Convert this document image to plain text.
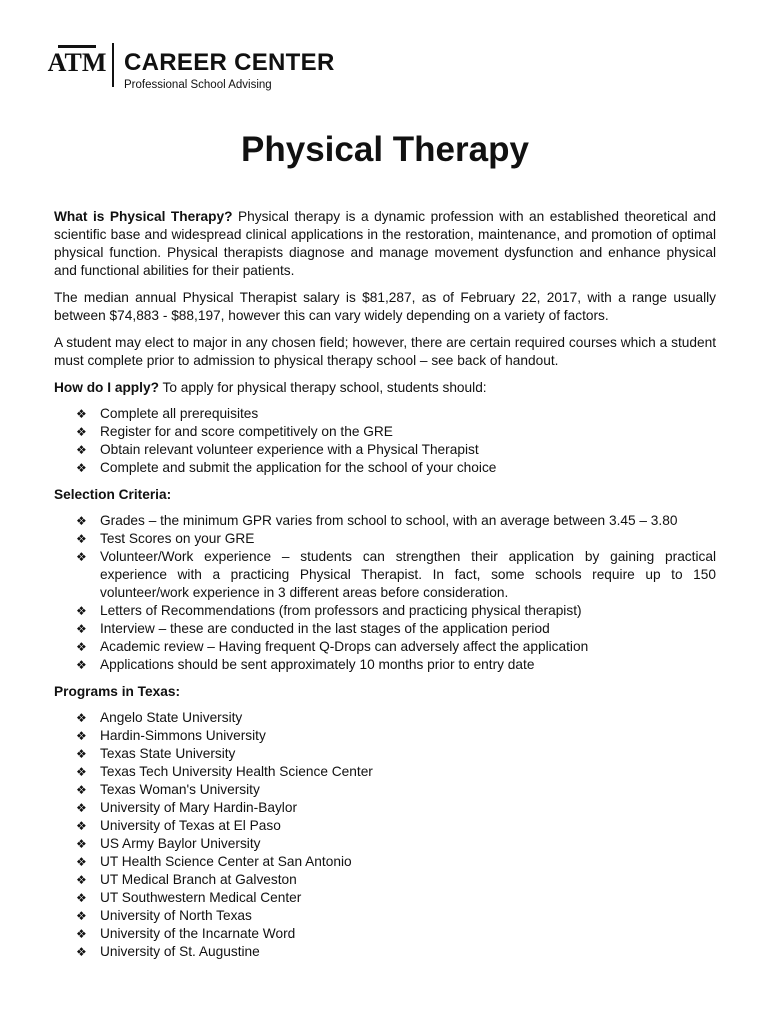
ATM CAREER CENTER
Professional School Advising
Physical Therapy

What is Physical Therapy? Physical therapy is a dynamic profession with an established theoretical and scientific base and widespread clinical applications in the restoration, maintenance, and promotion of optimal physical function. Physical therapists diagnose and manage movement dysfunction and enhance physical and functional abilities for their patients.

The median annual Physical Therapist salary is $81,287, as of February 22, 2017, with a range usually between $74,883 - $88,197, however this can vary widely depending on a variety of factors.

A student may elect to major in any chosen field; however, there are certain required courses which a student must complete prior to admission to physical therapy school – see back of handout.

How do I apply? To apply for physical therapy school, students should:

❖ Complete all prerequisites
❖ Register for and score competitively on the GRE
❖ Obtain relevant volunteer experience with a Physical Therapist
❖ Complete and submit the application for the school of your choice

Selection Criteria:

❖ Grades – the minimum GPR varies from school to school, with an average between 3.45 – 3.80
❖ Test Scores on your GRE
❖ Volunteer/Work experience – students can strengthen their application by gaining practical experience with a practicing Physical Therapist. In fact, some schools require up to 150 volunteer/work experience in 3 different areas before consideration.
❖ Letters of Recommendations (from professors and practicing physical therapist)
❖ Interview – these are conducted in the last stages of the application period
❖ Academic review – Having frequent Q-Drops can adversely affect the application
❖ Applications should be sent approximately 10 months prior to entry date

Programs in Texas:

❖ Angelo State University
❖ Hardin-Simmons University
❖ Texas State University
❖ Texas Tech University Health Science Center
❖ Texas Woman's University
❖ University of Mary Hardin-Baylor
❖ University of Texas at El Paso
❖ US Army Baylor University
❖ UT Health Science Center at San Antonio
❖ UT Medical Branch at Galveston
❖ UT Southwestern Medical Center
❖ University of North Texas
❖ University of the Incarnate Word
❖ University of St. Augustine
